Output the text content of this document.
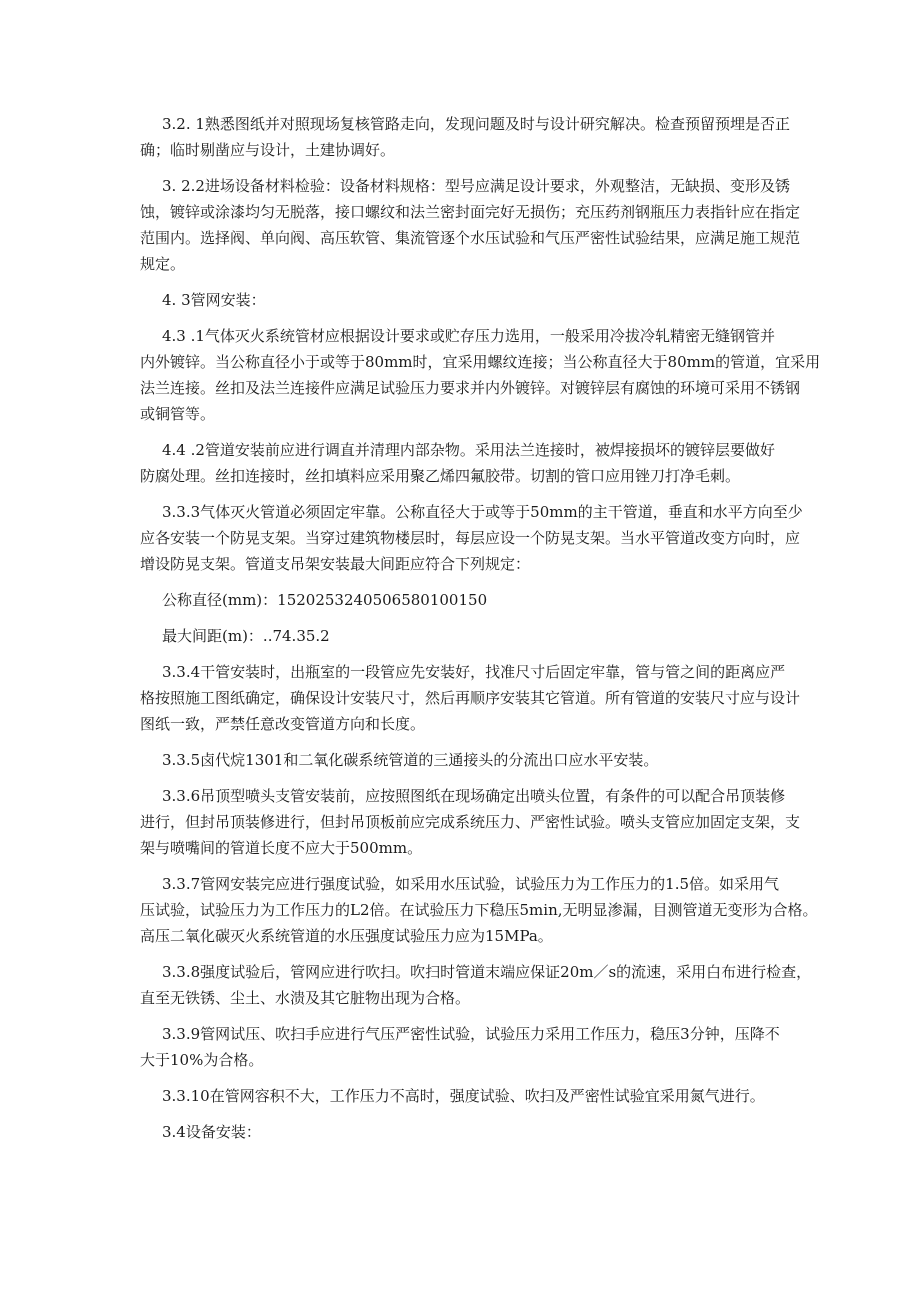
3.2. 1熟悉图纸并对照现场复核管路走向，发现问题及时与设计研究解决。检查预留预埋是否正
确；临时剔凿应与设计，土建协调好。
3. 2.2进场设备材料检验：设备材料规格：型号应满足设计要求，外观整洁，无缺损、变形及锈
蚀，镀锌或涂漆均匀无脱落，接口螺纹和法兰密封面完好无损伤；充压药剂钢瓶压力表指针应在指定
范围内。选择阀、单向阀、高压软管、集流管逐个水压试验和气压严密性试验结果，应满足施工规范
规定。
4. 3管网安装：
4.3 .1气体灭火系统管材应根据设计要求或贮存压力选用，一般采用冷拔冷轧精密无缝钢管并
内外镀锌。当公称直径小于或等于80mm时，宜采用螺纹连接；当公称直径大于80mm的管道，宜采用
法兰连接。丝扣及法兰连接件应满足试验压力要求并内外镀锌。对镀锌层有腐蚀的环境可采用不锈钢
或铜管等。
4.4 .2管道安装前应进行调直并清理内部杂物。采用法兰连接时，被焊接损坏的镀锌层要做好
防腐处理。丝扣连接时，丝扣填料应采用聚乙烯四氟胶带。切割的管口应用锉刀打净毛刺。
3.3.3气体灭火管道必须固定牢靠。公称直径大于或等于50mm的主干管道，垂直和水平方向至少
应各安装一个防晃支架。当穿过建筑物楼层时，每层应设一个防晃支架。当水平管道改变方向时，应
增设防晃支架。管道支吊架安装最大间距应符合下列规定：
公称直径(mm)：1520253240506580100150
最大间距(m)：..74.35.2
3.3.4干管安装时，出瓶室的一段管应先安装好，找准尺寸后固定牢靠，管与管之间的距离应严
格按照施工图纸确定，确保设计安装尺寸，然后再顺序安装其它管道。所有管道的安装尺寸应与设计
图纸一致，严禁任意改变管道方向和长度。
3.3.5卤代烷1301和二氧化碳系统管道的三通接头的分流出口应水平安装。
3.3.6吊顶型喷头支管安装前，应按照图纸在现场确定出喷头位置，有条件的可以配合吊顶装修
进行，但封吊顶装修进行，但封吊顶板前应完成系统压力、严密性试验。喷头支管应加固定支架，支
架与喷嘴间的管道长度不应大于500mm。
3.3.7管网安装完应进行强度试验，如采用水压试验，试验压力为工作压力的1.5倍。如采用气
压试验，试验压力为工作压力的L2倍。在试验压力下稳压5min,无明显渗漏，目测管道无变形为合格。
高压二氧化碳灭火系统管道的水压强度试验压力应为15MPa。
3.3.8强度试验后，管网应进行吹扫。吹扫时管道末端应保证20m／s的流速，采用白布进行检查，
直至无铁锈、尘土、水溃及其它脏物出现为合格。
3.3.9管网试压、吹扫手应进行气压严密性试验，试验压力采用工作压力，稳压3分钟，压降不
大于10%为合格。
3.3.10在管网容积不大，工作压力不高时，强度试验、吹扫及严密性试验宜采用氮气进行。
3.4设备安装：
